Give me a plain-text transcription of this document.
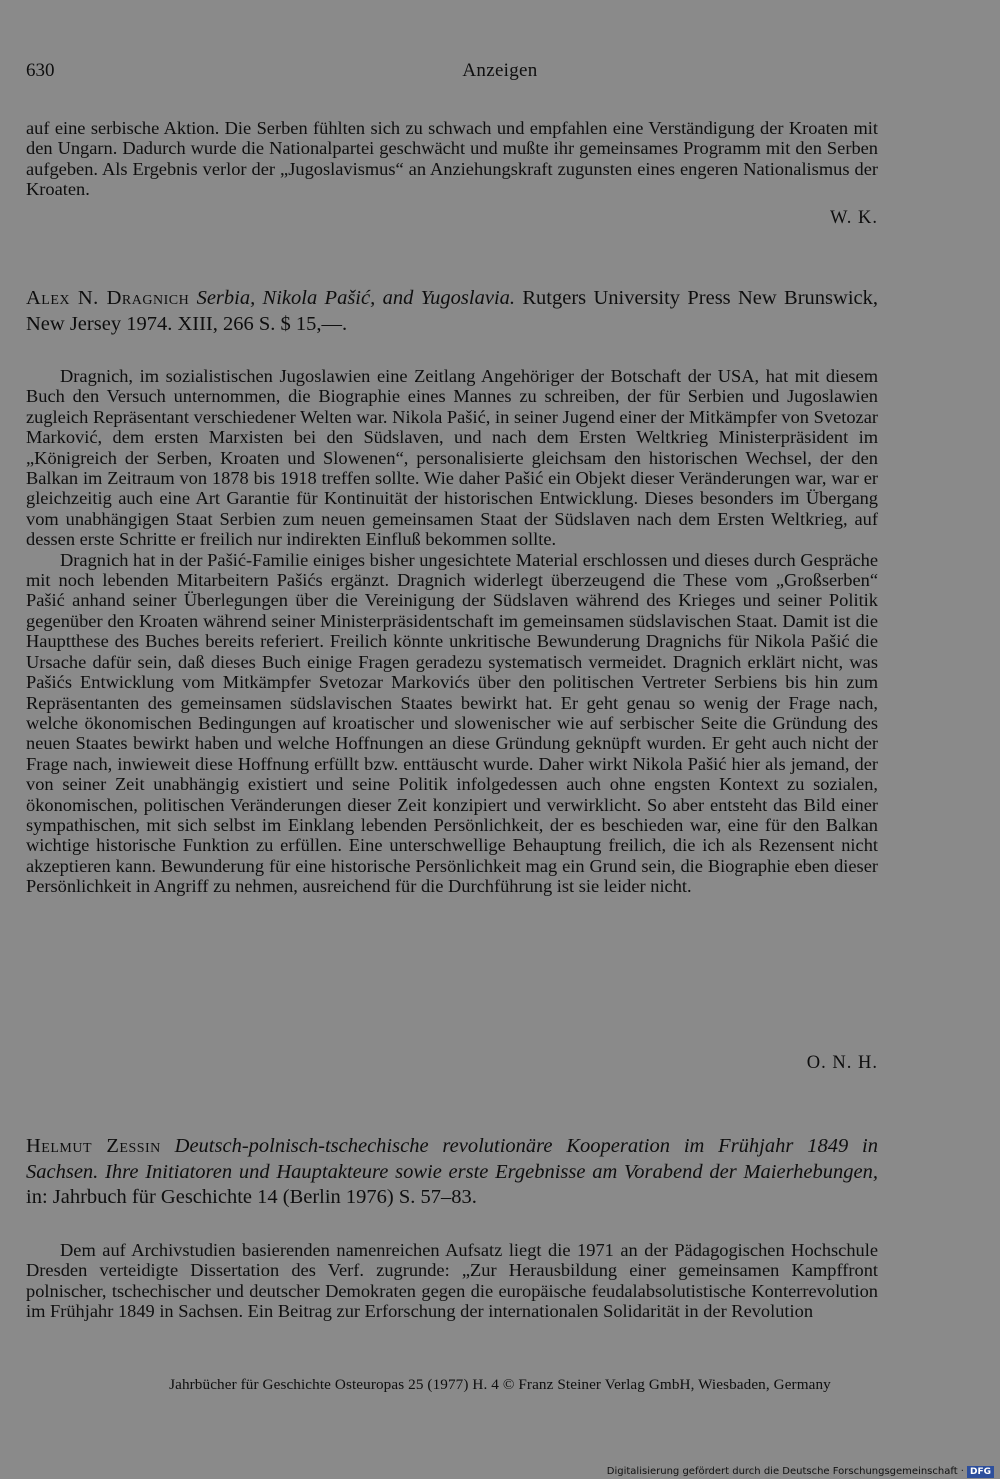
630	Anzeigen

auf eine serbische Aktion. Die Serben fühlten sich zu schwach und empfahlen eine Verständigung der Kroaten mit den Ungarn. Dadurch wurde die Nationalpartei geschwächt und mußte ihr gemeinsames Programm mit den Serben aufgeben. Als Ergebnis verlor der „Jugoslavismus“ an Anziehungskraft zugunsten eines engeren Nationalismus der Kroaten.

W. K.

Alex N. Dragnich Serbia, Nikola Pašić, and Yugoslavia. Rutgers University Press New Brunswick, New Jersey 1974. XIII, 266 S. $ 15,—.

Dragnich, im sozialistischen Jugoslawien eine Zeitlang Angehöriger der Botschaft der USA, hat mit diesem Buch den Versuch unternommen, die Biographie eines Mannes zu schreiben, der für Serbien und Jugoslawien zugleich Repräsentant verschiedener Welten war. Nikola Pašić, in seiner Jugend einer der Mitkämpfer von Svetozar Marković, dem ersten Marxisten bei den Südslaven, und nach dem Ersten Weltkrieg Ministerpräsident im „Königreich der Serben, Kroaten und Slowenen“, personalisierte gleichsam den historischen Wechsel, der den Balkan im Zeitraum von 1878 bis 1918 treffen sollte. Wie daher Pašić ein Objekt dieser Veränderungen war, war er gleichzeitig auch eine Art Garantie für Kontinuität der historischen Entwicklung. Dieses besonders im Übergang vom unabhängigen Staat Serbien zum neuen gemeinsamen Staat der Südslaven nach dem Ersten Weltkrieg, auf dessen erste Schritte er freilich nur indirekten Einfluß bekommen sollte.

Dragnich hat in der Pašić-Familie einiges bisher ungesichtete Material erschlossen und dieses durch Gespräche mit noch lebenden Mitarbeitern Pašićs ergänzt. Dragnich widerlegt überzeugend die These vom „Großserben“ Pašić anhand seiner Überlegungen über die Vereinigung der Südslaven während des Krieges und seiner Politik gegenüber den Kroaten während seiner Ministerpräsidentschaft im gemeinsamen südslavischen Staat. Damit ist die Hauptthese des Buches bereits referiert. Freilich könnte unkritische Bewunderung Dragnichs für Nikola Pašić die Ursache dafür sein, daß dieses Buch einige Fragen geradezu systematisch vermeidet. Dragnich erklärt nicht, was Pašićs Entwicklung vom Mitkämpfer Svetozar Markovićs über den politischen Vertreter Serbiens bis hin zum Repräsentanten des gemeinsamen südslavischen Staates bewirkt hat. Er geht genau so wenig der Frage nach, welche ökonomischen Bedingungen auf kroatischer und slowenischer wie auf serbischer Seite die Gründung des neuen Staates bewirkt haben und welche Hoffnungen an diese Gründung geknüpft wurden. Er geht auch nicht der Frage nach, inwieweit diese Hoffnung erfüllt bzw. enttäuscht wurde. Daher wirkt Nikola Pašić hier als jemand, der von seiner Zeit unabhängig existiert und seine Politik infolgedessen auch ohne engsten Kontext zu sozialen, ökonomischen, politischen Veränderungen dieser Zeit konzipiert und verwirklicht. So aber entsteht das Bild einer sympathischen, mit sich selbst im Einklang lebenden Persönlichkeit, der es beschieden war, eine für den Balkan wichtige historische Funktion zu erfüllen. Eine unterschwellige Behauptung freilich, die ich als Rezensent nicht akzeptieren kann. Bewunderung für eine historische Persönlichkeit mag ein Grund sein, die Biographie eben dieser Persönlichkeit in Angriff zu nehmen, ausreichend für die Durchführung ist sie leider nicht.

O. N. H.

Helmut Zessin Deutsch-polnisch-tschechische revolutionäre Kooperation im Frühjahr 1849 in Sachsen. Ihre Initiatoren und Hauptakteure sowie erste Ergebnisse am Vorabend der Maierhebungen, in: Jahrbuch für Geschichte 14 (Berlin 1976) S. 57–83.

Dem auf Archivstudien basierenden namenreichen Aufsatz liegt die 1971 an der Pädagogischen Hochschule Dresden verteidigte Dissertation des Verf. zugrunde: „Zur Herausbildung einer gemeinsamen Kampffront polnischer, tschechischer und deutscher Demokraten gegen die europäische feudalabsolutistische Konterrevolution im Frühjahr 1849 in Sachsen. Ein Beitrag zur Erforschung der internationalen Solidarität in der Revolution

Jahrbücher für Geschichte Osteuropas 25 (1977) H. 4 © Franz Steiner Verlag GmbH, Wiesbaden, Germany
Digitalisierung gefördert durch die Deutsche Forschungsgemeinschaft · DFG
